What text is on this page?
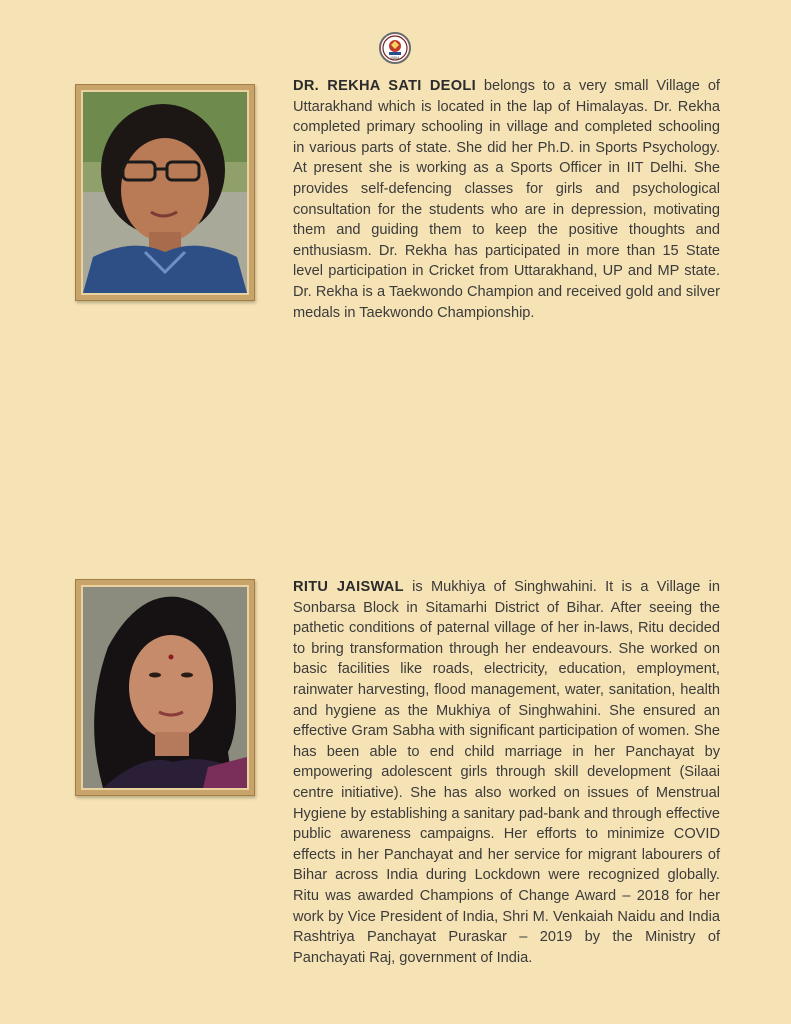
INDIA

DR. REKHA SATI DEOLI belongs to a very small Village of Uttarakhand which is located in the lap of Himalayas. Dr. Rekha completed primary schooling in village and completed schooling in various parts of state. She did her Ph.D. in Sports Psychology. At present she is working as a Sports Officer in IIT Delhi. She provides self-defencing classes for girls and psychological consultation for the students who are in depression, motivating them and guiding them to keep the positive thoughts and enthusiasm. Dr. Rekha has participated in more than 15 State level participation in Cricket from Uttarakhand, UP and MP state. Dr. Rekha is a Taekwondo Champion and received gold and silver medals in Taekwondo Championship.

RITU JAISWAL is Mukhiya of Singhwahini. It is a Village in Sonbarsa Block in Sitamarhi District of Bihar. After seeing the pathetic conditions of paternal village of her in-laws, Ritu decided to bring transformation through her endeavours. She worked on basic facilities like roads, electricity, education, employment, rainwater harvesting, flood management, water, sanitation, health and hygiene as the Mukhiya of Singhwahini. She ensured an effective Gram Sabha with significant participation of women. She has been able to end child marriage in her Panchayat by empowering adolescent girls through skill development (Silaai centre initiative). She has also worked on issues of Menstrual Hygiene by establishing a sanitary pad-bank and through effective public awareness campaigns. Her efforts to minimize COVID effects in her Panchayat and her service for migrant labourers of Bihar across India during Lockdown were recognized globally. Ritu was awarded Champions of Change Award – 2018 for her work by Vice President of India, Shri M. Venkaiah Naidu and India Rashtriya Panchayat Puraskar – 2019 by the Ministry of Panchayati Raj, government of India.
